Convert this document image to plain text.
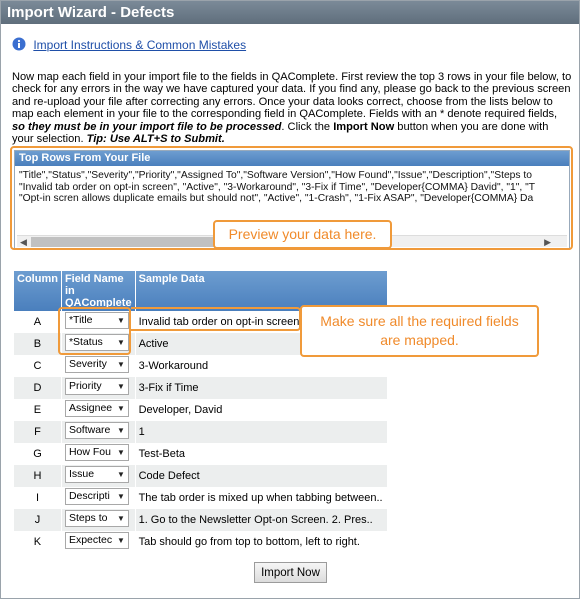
Import Wizard - Defects
Import Instructions & Common Mistakes
Now map each field in your import file to the fields in QAComplete. First review the top 3 rows in your file below, to check for any errors in the way we have captured your data. If you find any, please go back to the previous screen and re-upload your file after correcting any errors. Once your data looks correct, choose from the lists below to map each element in your file to the corresponding field in QAComplete. Fields with an * denote required fields, so they must be in your import file to be processed. Click the Import Now button when you are done with your selection. Tip: Use ALT+S to Submit.
Top Rows From Your File
"Title","Status","Severity","Priority","Assigned To","Software Version","How Found","Issue","Description","Steps to
"Invalid tab order on opt-in screen", "Active", "3-Workaround", "3-Fix if Time", "Developer{COMMA} David", "1", "T
"Opt-in scren allows duplicate emails but should not", "Active", "1-Crash", "1-Fix ASAP", "Developer{COMMA} Da
◀	▶
Preview your data here.
Column	Field Name in QAComplete	Sample Data
A	*Title ▼	Invalid tab order on opt-in screen
B	*Status ▼	Active
C	Severity ▼	3-Workaround
D	Priority ▼	3-Fix if Time
E	Assignee ▼	Developer, David
F	Software ▼	1
G	How Fou ▼	Test-Beta
H	Issue ▼	Code Defect
I	Descripti ▼	The tab order is mixed up when tabbing between..
J	Steps to ▼	1. Go to the Newsletter Opt-on Screen. 2. Pres..
K	Expectec ▼	Tab should go from top to bottom, left to right.
Make sure all the required fields are mapped.
Import Now
